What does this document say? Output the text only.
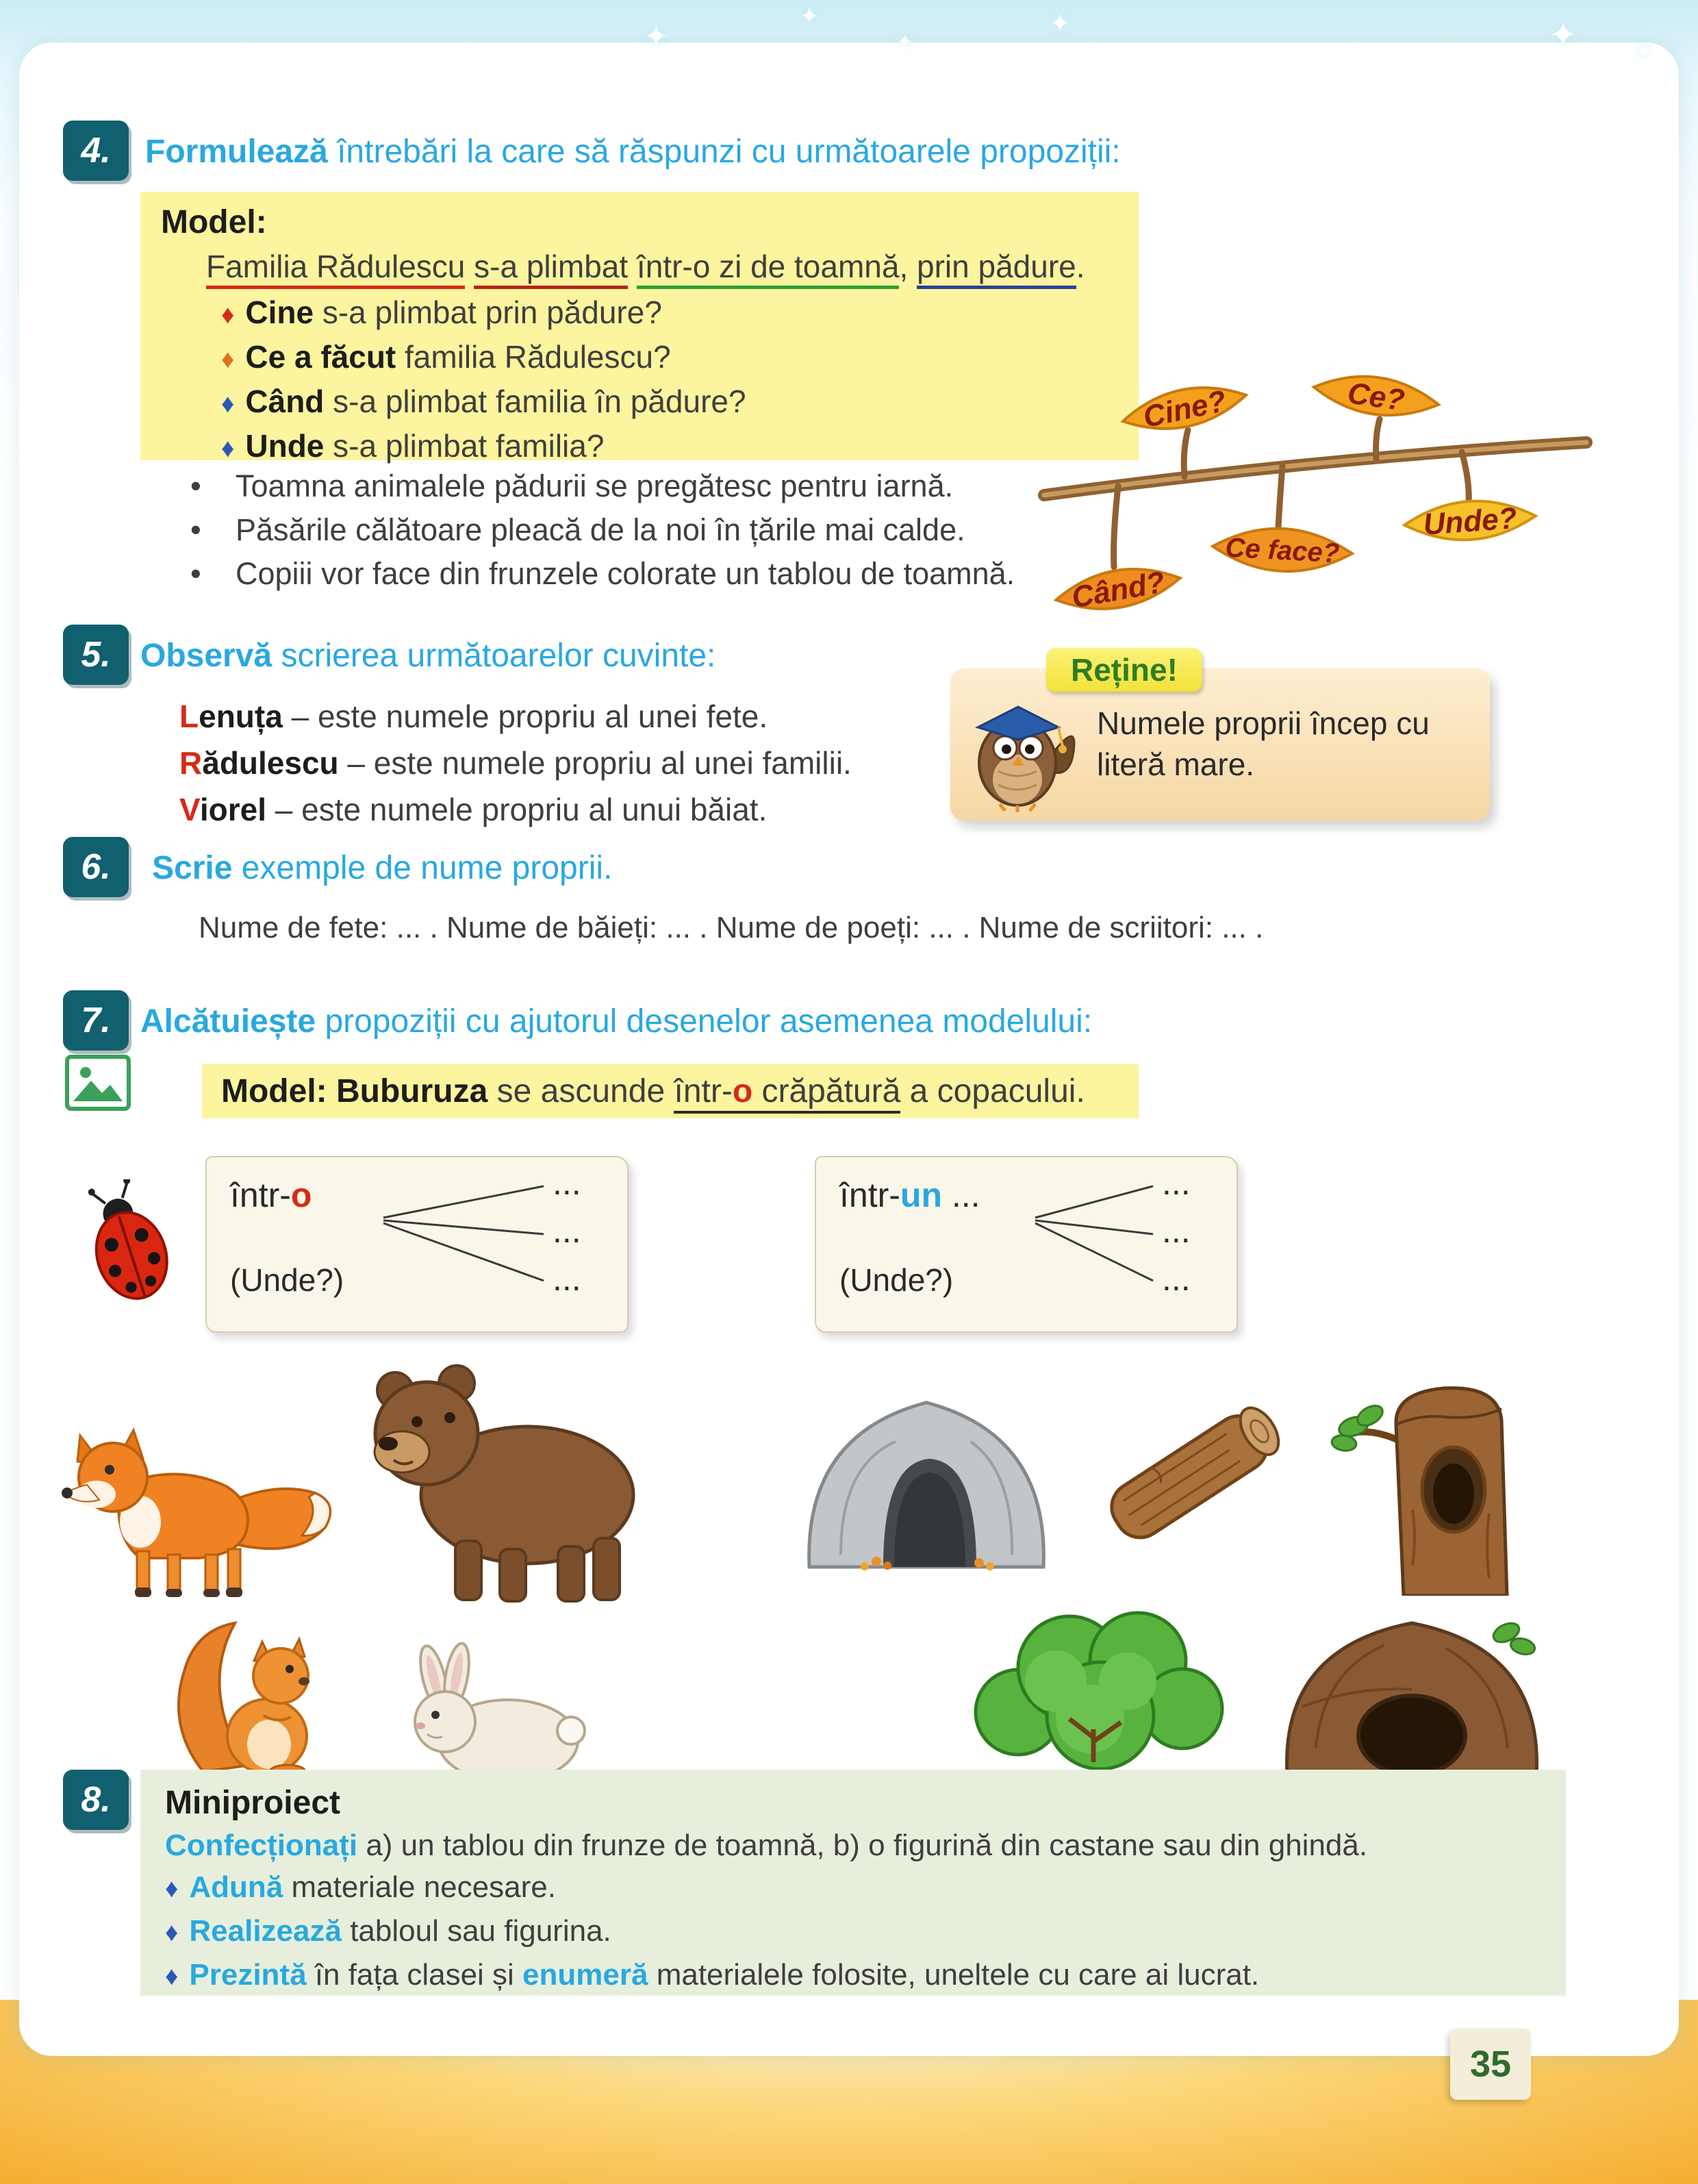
✦
✦
✦
✦	✦	✦
4.	Formulează întrebări la care să răspunzi cu următoarele propoziții:
Model:
Familia Rădulescu s-a plimbat într-o zi de toamnă, prin pădure.
♦ Cine s-a plimbat prin pădure?
♦ Ce a făcut familia Rădulescu?
♦ Când s-a plimbat familia în pădure?
♦ Unde s-a plimbat familia?
•	Toamna animalele pădurii se pregătesc pentru iarnă.
•	Păsările călătoare pleacă de la noi în țările mai calde.
•	Copiii vor face din frunzele colorate un tablou de toamnă.
Cine?	Ce?
Ce face?
Când?
Unde?
5. Observă scrierea următoarelor cuvinte:
Lenuța – este numele propriu al unei fete.
Rădulescu – este numele propriu al unei familii.
Viorel – este numele propriu al unui băiat.
Reține!
Numele proprii încep cu literă mare.
6.	Scrie exemple de nume proprii.
Nume de fete: ... . Nume de băieți: ... . Nume de poeți: ... . Nume de scriitori: ... .
7. Alcătuiește propoziții cu ajutorul desenelor asemenea modelului:
Model: Buburuza se ascunde într-o crăpătură a copacului.
într-o
(Unde?)
...
...
...
într-un ...
(Unde?)
...
...
...
8.	Miniproiect
Confecționați a) un tablou din frunze de toamnă, b) o figurină din castane sau din ghindă.
♦ Adună materiale necesare.
♦ Realizează tabloul sau figurina.
♦ Prezintă în fața clasei și enumeră materialele folosite, uneltele cu care ai lucrat.
35
